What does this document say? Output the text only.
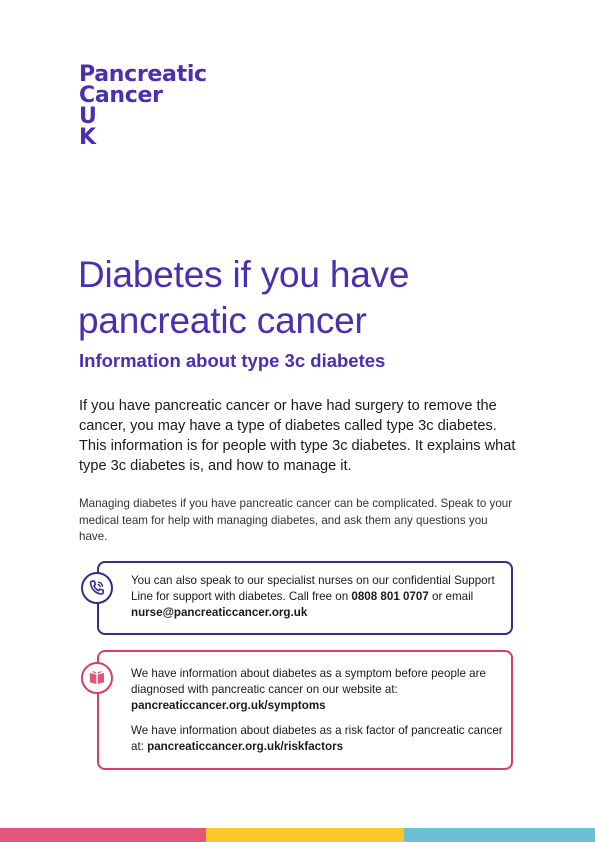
Pancreatic
Cancer
U
K
Diabetes if you have
pancreatic cancer
Information about type 3c diabetes

If you have pancreatic cancer or have had surgery to remove the cancer, you may have a type of diabetes called type 3c diabetes. This information is for people with type 3c diabetes. It explains what type 3c diabetes is, and how to manage it.

Managing diabetes if you have pancreatic cancer can be complicated. Speak to your medical team for help with managing diabetes, and ask them any questions you have.

You can also speak to our specialist nurses on our confidential Support Line for support with diabetes. Call free on 0808 801 0707 or email nurse@pancreaticcancer.org.uk

We have information about diabetes as a symptom before people are diagnosed with pancreatic cancer on our website at: pancreaticcancer.org.uk/symptoms

We have information about diabetes as a risk factor of pancreatic cancer at: pancreaticcancer.org.uk/riskfactors
